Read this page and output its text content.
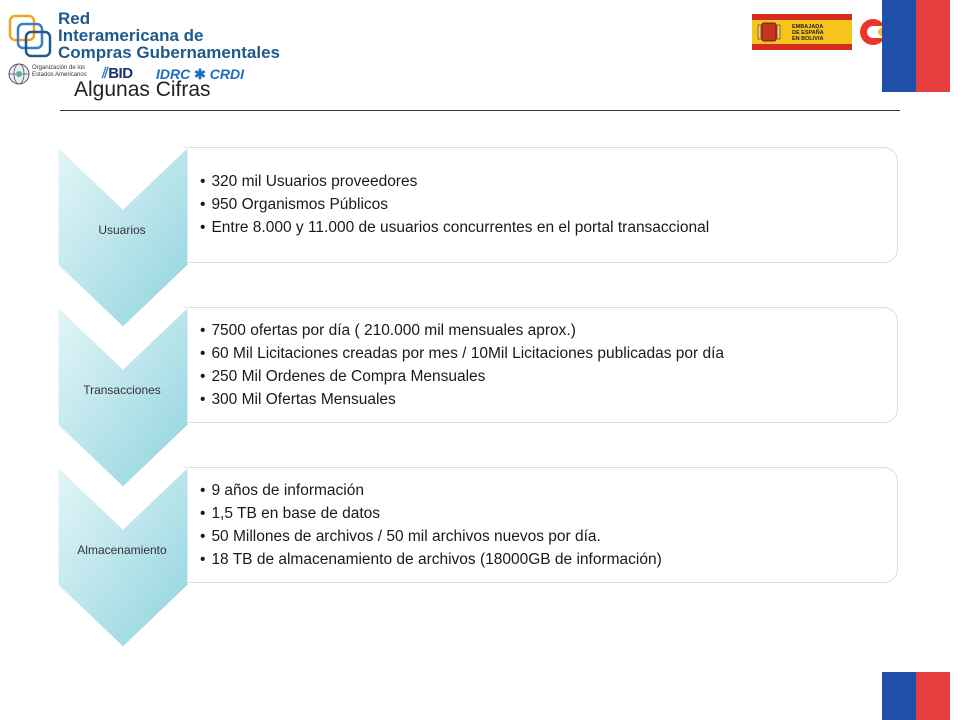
Red
Interamericana de
Compras Gubernamentales
Organización de los Estados Americanos	⫽BID IDRC ✱ CRDI
EMBAJADA
DE ESPAÑA
EN BOLIVIA
Algunas Cifras
Usuarios
• 320 mil Usuarios proveedores
• 950 Organismos Públicos
• Entre 8.000 y 11.000 de usuarios concurrentes en el portal transaccional
Transacciones
• 7500 ofertas por día ( 210.000 mil mensuales aprox.)
• 60 Mil Licitaciones creadas por mes / 10Mil Licitaciones publicadas por día
• 250 Mil Ordenes de Compra Mensuales
• 300 Mil Ofertas Mensuales
Almacenamiento
• 9 años de información
• 1,5 TB en base de datos
• 50 Millones de archivos / 50 mil archivos nuevos por día.
• 18 TB de almacenamiento de archivos (18000GB de información)
